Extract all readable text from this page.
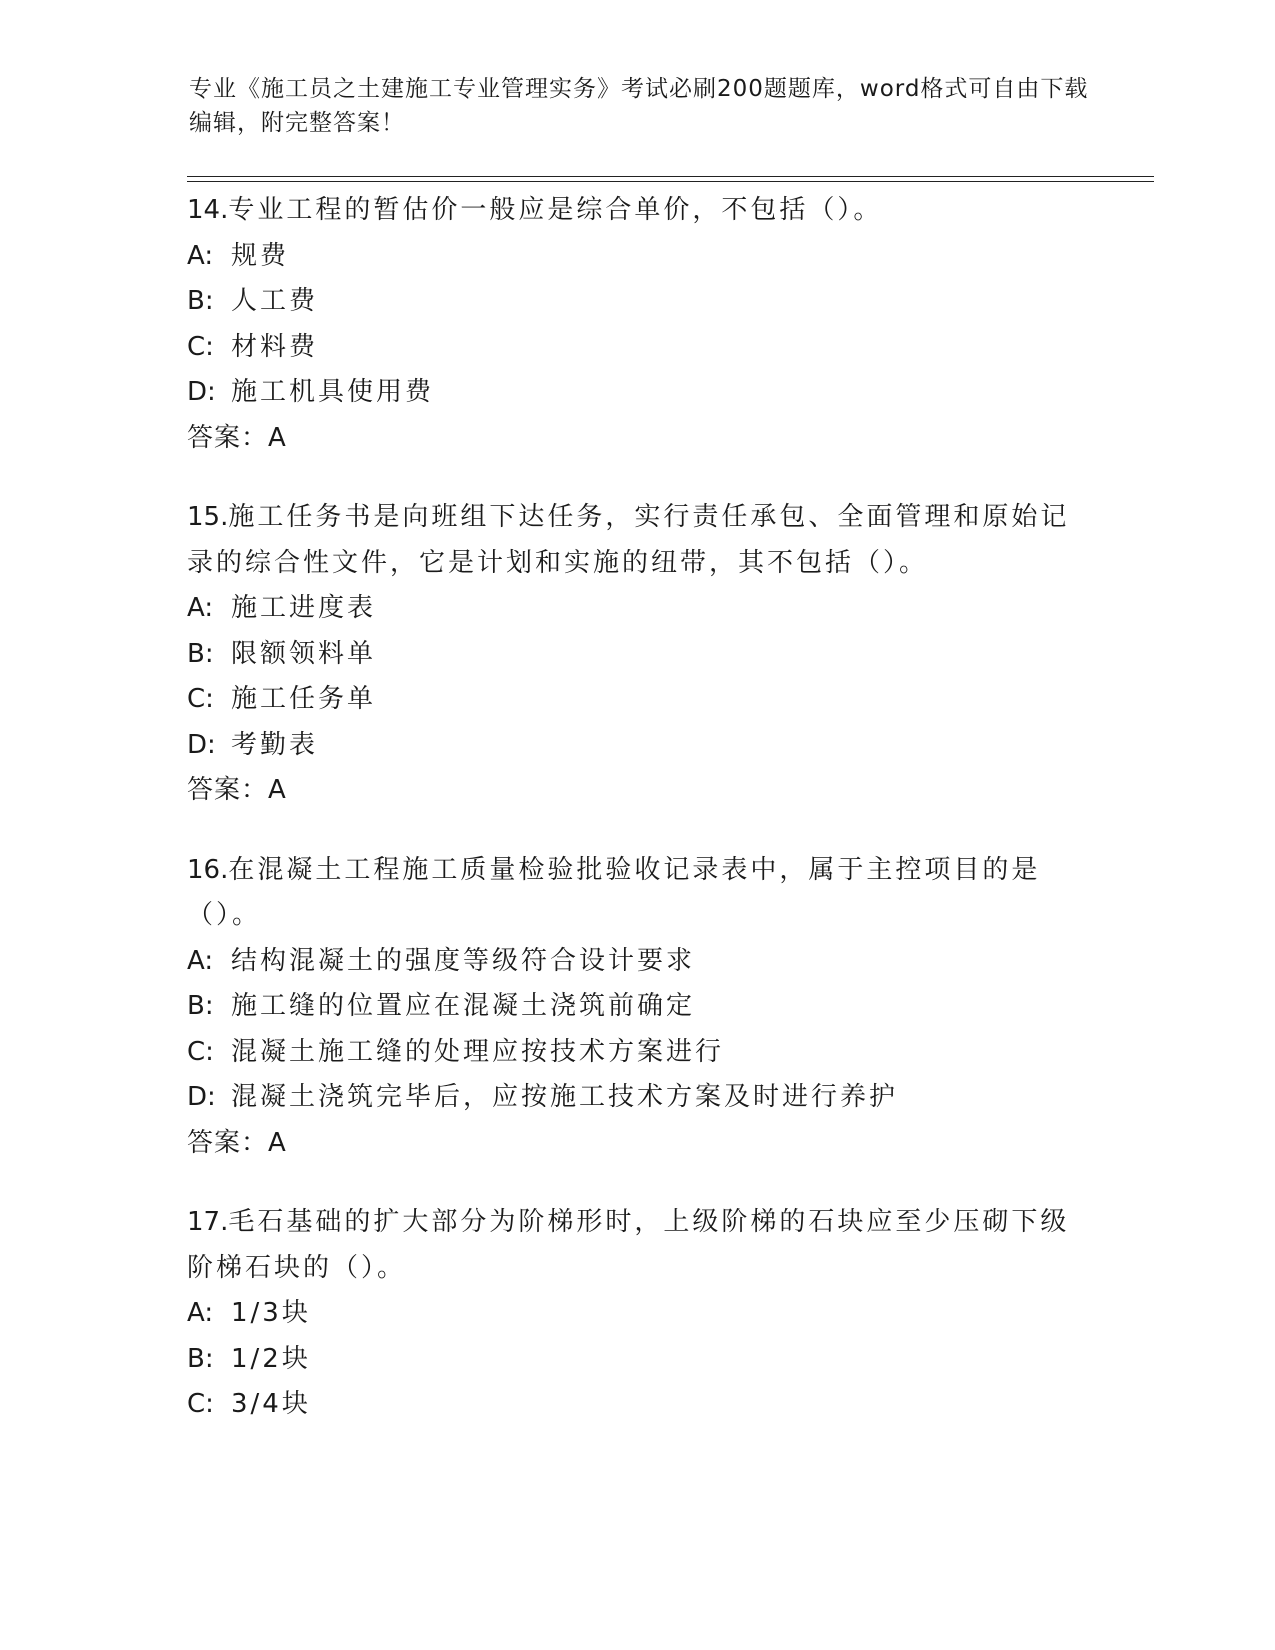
专业《施工员之土建施工专业管理实务》考试必刷200题题库，word格式可自由下载编辑，附完整答案！

14.专业工程的暂估价一般应是综合单价，不包括（）。

A: 规费

B: 人工费

C: 材料费

D: 施工机具使用费

答案：A

15.施工任务书是向班组下达任务，实行责任承包、全面管理和原始记录的综合性文件，它是计划和实施的纽带，其不包括（）。

A: 施工进度表

B: 限额领料单

C: 施工任务单

D: 考勤表

答案：A

16.在混凝土工程施工质量检验批验收记录表中，属于主控项目的是（）。

A: 结构混凝土的强度等级符合设计要求

B: 施工缝的位置应在混凝土浇筑前确定

C: 混凝土施工缝的处理应按技术方案进行

D: 混凝土浇筑完毕后，应按施工技术方案及时进行养护

答案：A

17.毛石基础的扩大部分为阶梯形时，上级阶梯的石块应至少压砌下级阶梯石块的（）。

A: 1/3块

B: 1/2块

C: 3/4块
